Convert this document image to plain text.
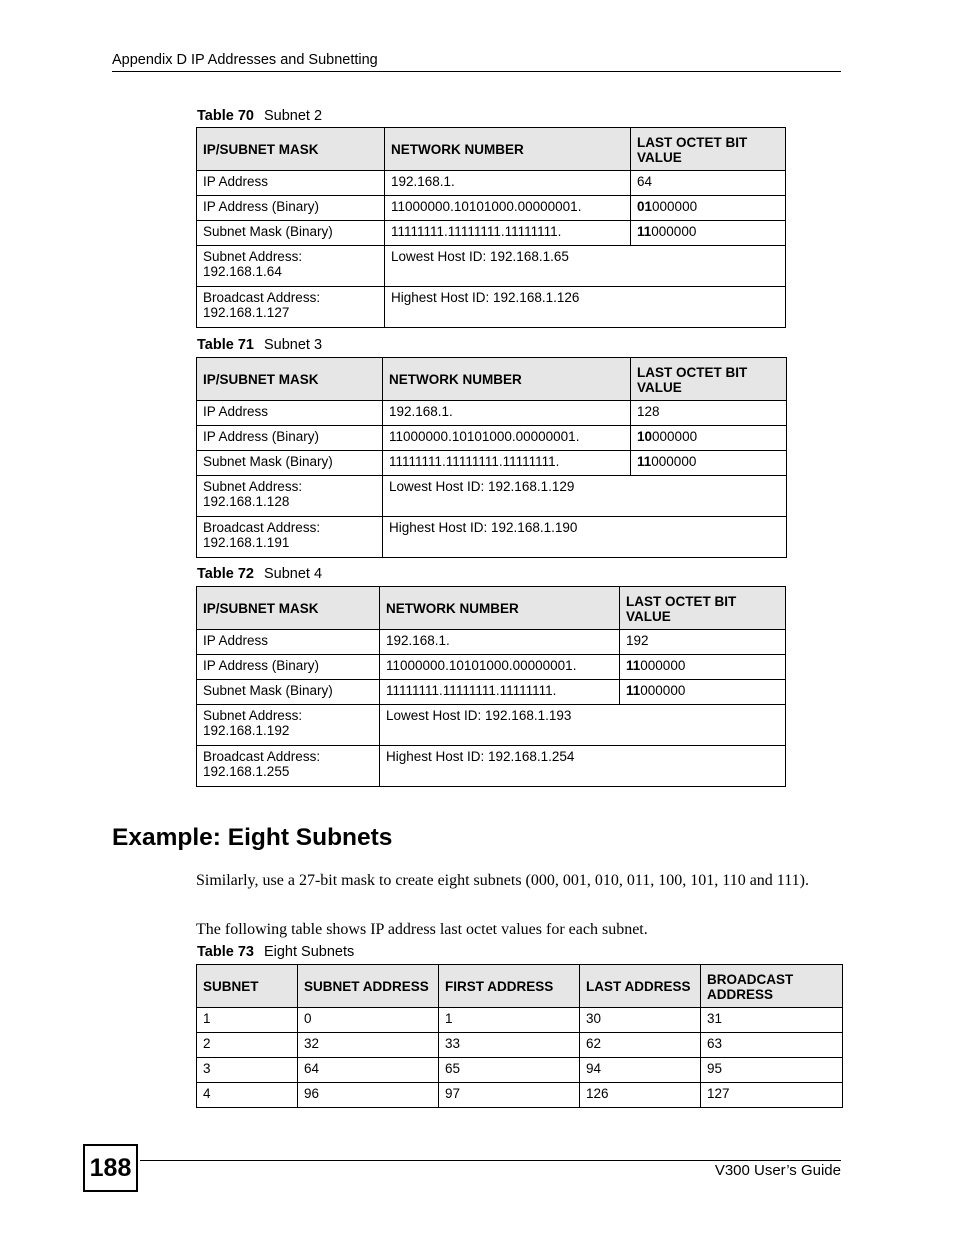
Appendix D IP Addresses and Subnetting
Table 70 Subnet 2
IP/SUBNET MASK	NETWORK NUMBER	LAST OCTET BIT VALUE
IP Address	192.168.1.	64
IP Address (Binary)	11000000.10101000.00000001.	01000000
Subnet Mask (Binary)	11111111.11111111.11111111.	11000000

Subnet Address:
192.168.1.64	Lowest Host ID: 192.168.1.65	

Broadcast Address:
192.168.1.127	Highest Host ID: 192.168.1.126	
Table 71 Subnet 3
IP/SUBNET MASK	NETWORK NUMBER	LAST OCTET BIT VALUE
IP Address	192.168.1.	128
IP Address (Binary)	11000000.10101000.00000001.	10000000
Subnet Mask (Binary)	11111111.11111111.11111111.	11000000

Subnet Address:
192.168.1.128	Lowest Host ID: 192.168.1.129	

Broadcast Address:
192.168.1.191	Highest Host ID: 192.168.1.190	
Table 72 Subnet 4
IP/SUBNET MASK	NETWORK NUMBER	LAST OCTET BIT VALUE
IP Address	192.168.1.	192
IP Address (Binary)	11000000.10101000.00000001.	11000000
Subnet Mask (Binary)	11111111.11111111.11111111.	11000000

Subnet Address:
192.168.1.192	Lowest Host ID: 192.168.1.193	

Broadcast Address:
192.168.1.255	Highest Host ID: 192.168.1.254	
Example: Eight Subnets
Similarly, use a 27-bit mask to create eight subnets (000, 001, 010, 011, 100, 101, 110 and 111).
The following table shows IP address last octet values for each subnet.
Table 73 Eight Subnets
SUBNET	SUBNET ADDRESS	FIRST ADDRESS	LAST ADDRESS	BROADCAST ADDRESS
1	0	1	30	31
2	32	33	62	63
3	64	65	94	95
4	96	97	126	127
188	V300 User’s Guide
